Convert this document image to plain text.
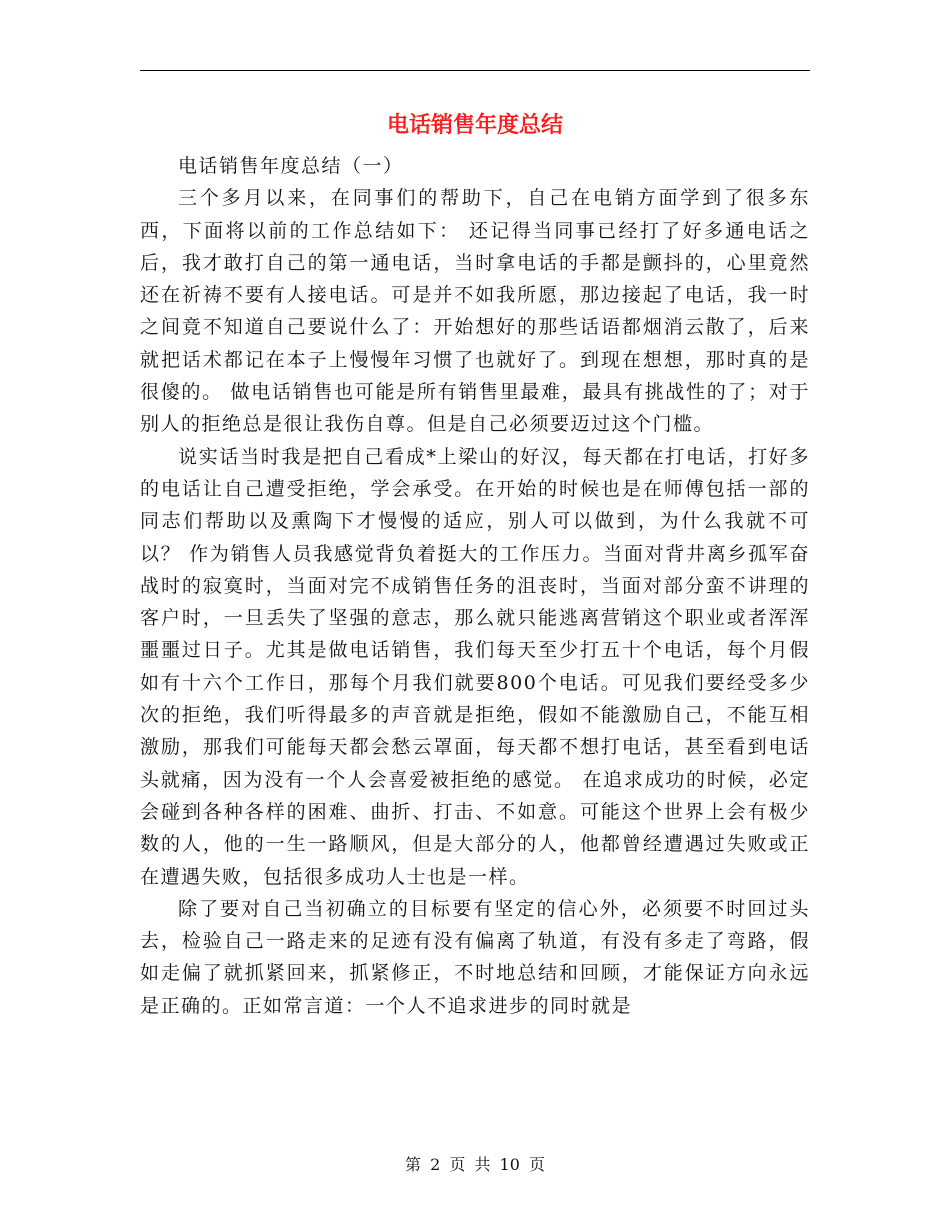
电话销售年度总结

电话销售年度总结（一）

三个多月以来，在同事们的帮助下，自己在电销方面学到了很多东西，下面将以前的工作总结如下： 还记得当同事已经打了好多通电话之后，我才敢打自己的第一通电话，当时拿电话的手都是颤抖的，心里竟然还在祈祷不要有人接电话。可是并不如我所愿，那边接起了电话，我一时之间竟不知道自己要说什么了：开始想好的那些话语都烟消云散了，后来就把话术都记在本子上慢慢年习惯了也就好了。到现在想想，那时真的是很傻的。 做电话销售也可能是所有销售里最难，最具有挑战性的了；对于别人的拒绝总是很让我伤自尊。但是自己必须要迈过这个门槛。

说实话当时我是把自己看成*上梁山的好汉，每天都在打电话，打好多的电话让自己遭受拒绝，学会承受。在开始的时候也是在师傅包括一部的同志们帮助以及熏陶下才慢慢的适应，别人可以做到，为什么我就不可以？ 作为销售人员我感觉背负着挺大的工作压力。当面对背井离乡孤军奋战时的寂寞时，当面对完不成销售任务的沮丧时，当面对部分蛮不讲理的客户时，一旦丢失了坚强的意志，那么就只能逃离营销这个职业或者浑浑噩噩过日子。尤其是做电话销售，我们每天至少打五十个电话，每个月假如有十六个工作日，那每个月我们就要800个电话。可见我们要经受多少次的拒绝，我们听得最多的声音就是拒绝，假如不能激励自己，不能互相激励，那我们可能每天都会愁云罩面，每天都不想打电话，甚至看到电话头就痛，因为没有一个人会喜爱被拒绝的感觉。 在追求成功的时候，必定会碰到各种各样的困难、曲折、打击、不如意。可能这个世界上会有极少数的人，他的一生一路顺风，但是大部分的人，他都曾经遭遇过失败或正在遭遇失败，包括很多成功人士也是一样。

除了要对自己当初确立的目标要有坚定的信心外，必须要不时回过头去，检验自己一路走来的足迹有没有偏离了轨道，有没有多走了弯路，假如走偏了就抓紧回来，抓紧修正，不时地总结和回顾，才能保证方向永远是正确的。正如常言道：一个人不追求进步的同时就是

第 2 页 共 10 页
